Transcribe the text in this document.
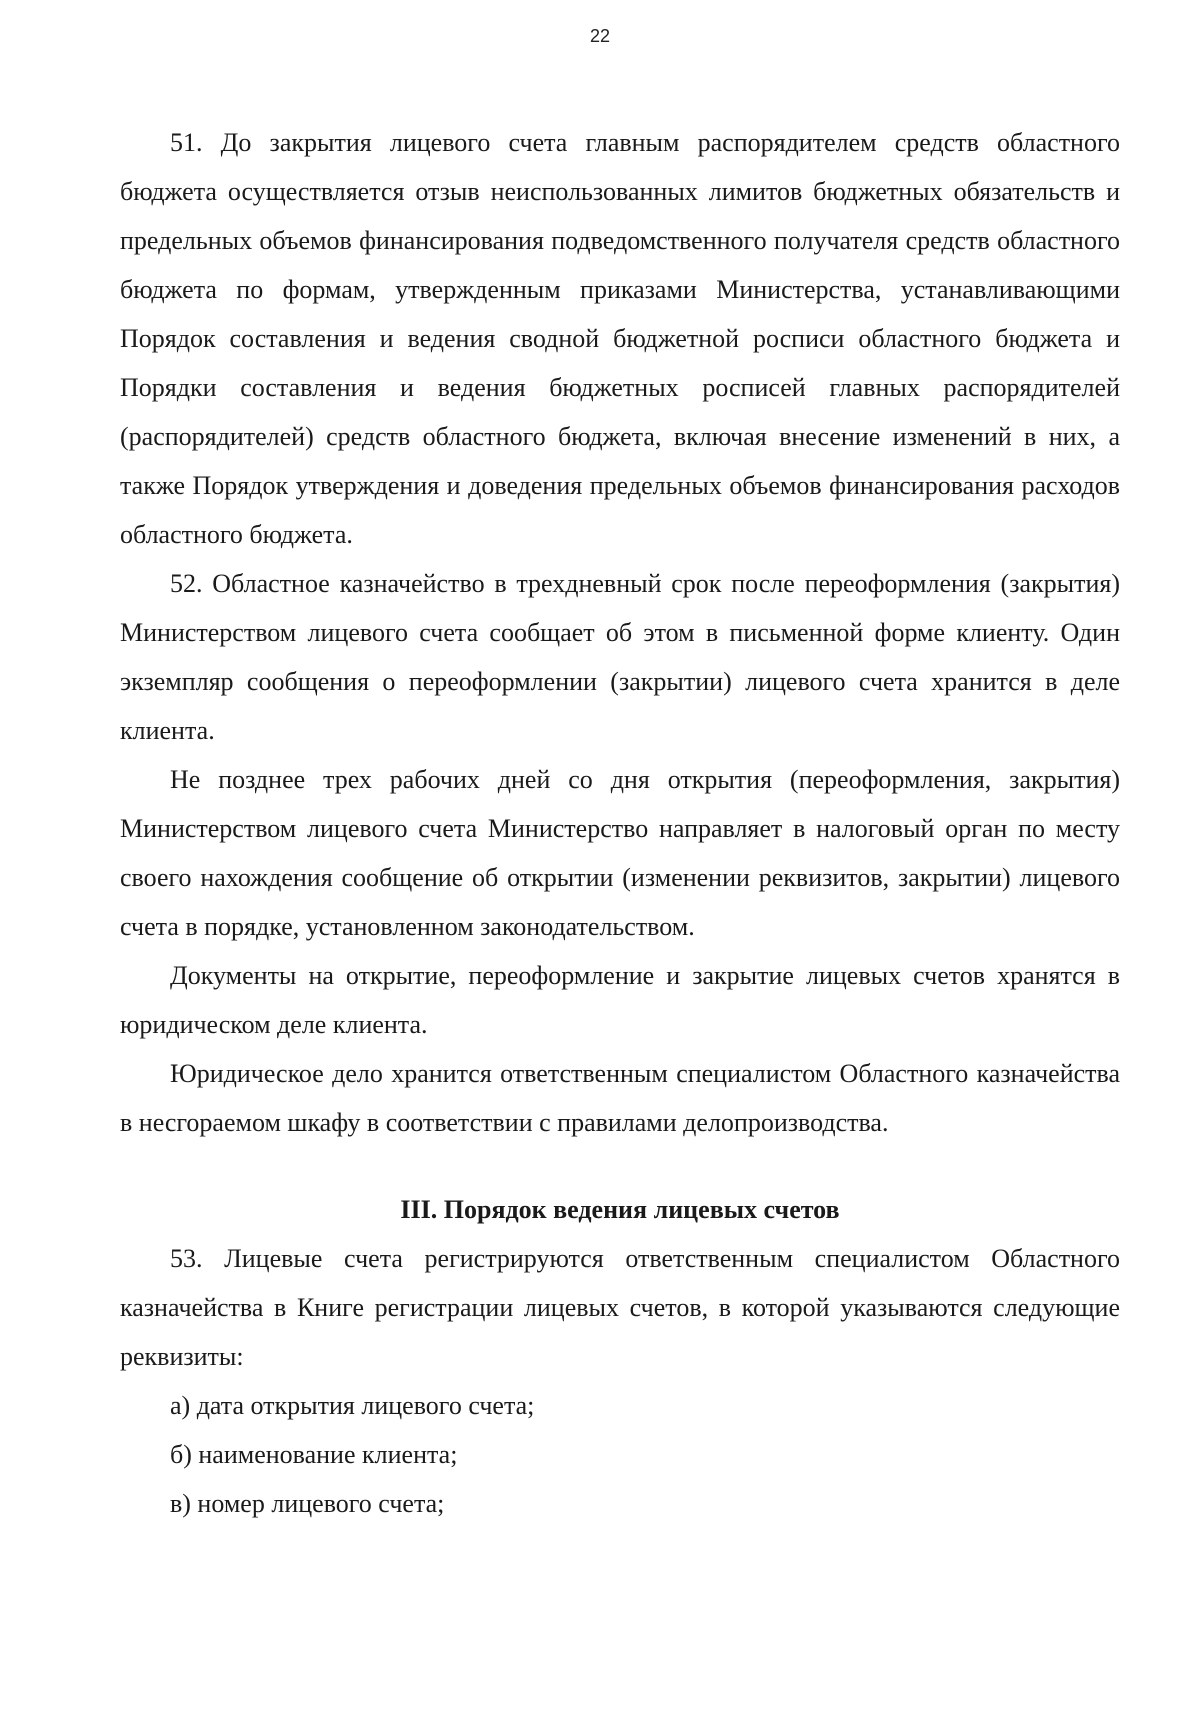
22

51. До закрытия лицевого счета главным распорядителем средств областного бюджета осуществляется отзыв неиспользованных лимитов бюджетных обязательств и предельных объемов финансирования подведомственного получателя средств областного бюджета по формам, утвержденным приказами Министерства, устанавливающими Порядок составления и ведения сводной бюджетной росписи областного бюджета и Порядки составления и ведения бюджетных росписей главных распорядителей (распорядителей) средств областного бюджета, включая внесение изменений в них, а также Порядок утверждения и доведения предельных объемов финансирования расходов областного бюджета.

52. Областное казначейство в трехдневный срок после переоформления (закрытия) Министерством лицевого счета сообщает об этом в письменной форме клиенту. Один экземпляр сообщения о переоформлении (закрытии) лицевого счета хранится в деле клиента.

Не позднее трех рабочих дней со дня открытия (переоформления, закрытия) Министерством лицевого счета Министерство направляет в налоговый орган по месту своего нахождения сообщение об открытии (изменении реквизитов, закрытии) лицевого счета в порядке, установленном законодательством.

Документы на открытие, переоформление и закрытие лицевых счетов хранятся в юридическом деле клиента.

Юридическое дело хранится ответственным специалистом Областного казначейства в несгораемом шкафу в соответствии с правилами делопроизводства.

III. Порядок ведения лицевых счетов

53. Лицевые счета регистрируются ответственным специалистом Областного казначейства в Книге регистрации лицевых счетов, в которой указываются следующие реквизиты:

а) дата открытия лицевого счета;

б) наименование клиента;

в) номер лицевого счета;
